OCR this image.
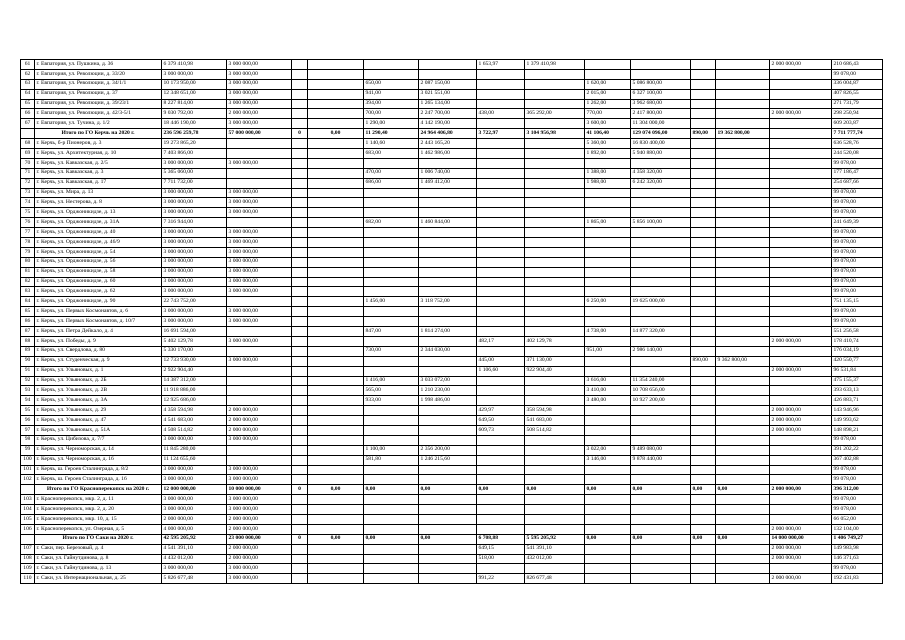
61	г. Евпатория, ул. Пушкина, д. 36	6 379 410,98	3 000 000,00					1 653,97	1 379 410,98					2 000 000,00	210 686,43
62	г. Евпатория, ул. Революции, д. 33/20	3 000 000,00	3 000 000,00												99 078,00
63	г. Евпатория, ул. Революции, д. 34/1/1	10 173 950,00	3 000 000,00			650,00	2 087 150,00			1 620,00	5 086 800,00				336 004,87
64	г. Евпатория, ул. Революции, д. 37	12 348 651,00	3 000 000,00			941,00	3 021 551,00			2 015,00	6 327 100,00				407 826,55
65	г. Евпатория, ул. Революции, д. 39/23/1	8 227 814,00	3 000 000,00			394,00	1 265 134,00			1 262,00	3 962 680,00				271 731,79
66	г. Евпатория, ул. Революции, д. 42/3-5/1	9 030 792,00	2 000 000,00			700,00	2 247 700,00	438,00	365 292,00	770,00	2 417 800,00			2 000 000,00	298 250,94
67	г. Евпатория, ул. Тучина, д. 1/2	18 446 190,00	3 000 000,00			1 290,00	4 142 190,00			3 600,00	11 304 000,00				609 203,87
	Итого по ГО Керчь на 2020 г.	236 596 259,78	57 000 000,00	0	0,00	11 290,40	24 964 406,80	3 722,97	3 104 956,98	41 106,40	129 074 096,00	890,00	19 362 800,00		7 711 777,74
68	г. Керчь, б-р Пионеров, д. 3	19 273 865,20				1 140,60	2 443 165,20			5 360,00	16 830 400,00				636 528,76
69	г. Керчь, ул. Архитектурная, д. 10	7 403 866,00				683,00	1 462 986,00			1 892,00	5 940 880,00				244 520,08
70	г. Керчь, ул. Кавказская, д. 2/5	3 000 000,00	3 000 000,00												99 078,00
71	г. Керчь, ул. Кавказская, д. 3	5 365 060,00				470,00	1 006 740,00			1 388,00	4 358 320,00				177 186,47
72	г. Керчь, ул. Кавказская, д. 17	7 711 732,00				686,00	1 469 412,00			1 988,00	6 242 320,00				254 687,66
73	г. Керчь, ул. Мира, д. 13	3 000 000,00	3 000 000,00												99 078,00
74	г. Керчь, ул. Нестерова, д. 8	3 000 000,00	3 000 000,00												99 078,00
75	г. Керчь, ул. Орджоникидзе, д. 13	3 000 000,00	3 000 000,00												99 078,00
76	г. Керчь, ул. Орджоникидзе, д. 31А	7 316 944,00				682,00	1 460 844,00			1 865,00	5 856 100,00				241 649,39
77	г. Керчь, ул. Орджоникидзе, д. 40	3 000 000,00	3 000 000,00												99 078,00
78	г. Керчь, ул. Орджоникидзе, д. 46/9	3 000 000,00	3 000 000,00												99 078,00
79	г. Керчь, ул. Орджоникидзе, д. 54	3 000 000,00	3 000 000,00												99 078,00
80	г. Керчь, ул. Орджоникидзе, д. 56	3 000 000,00	3 000 000,00												99 078,00
81	г. Керчь, ул. Орджоникидзе, д. 58	3 000 000,00	3 000 000,00												99 078,00
82	г. Керчь, ул. Орджоникидзе, д. 60	3 000 000,00	3 000 000,00												99 078,00
83	г. Керчь, ул. Орджоникидзе, д. 62	3 000 000,00	3 000 000,00												99 078,00
84	г. Керчь, ул. Орджоникидзе, д. 90	22 743 752,00				1 456,00	3 118 752,00			6 250,00	19 625 000,00				751 135,15
85	г. Керчь, ул. Первых Космонавтов, д. 6	3 000 000,00	3 000 000,00												99 078,00
86	г. Керчь, ул. Первых Космонавтов, д. 10/7	3 000 000,00	3 000 000,00												99 078,00
87	г. Керчь, ул. Петра Дейкало, д. 4	16 691 594,00				847,00	1 814 274,00			4 738,00	14 877 320,00				551 256,58
88	г. Керчь, ул. Победы, д. 9	5 402 129,78	3 000 000,00					482,17	402 129,78					2 000 000,00	178 410,74
89	г. Керчь, ул. Свердлова, д. 80	5 330 170,00				730,00	2 344 030,00			951,00	2 986 140,00				176 034,19
90	г. Керчь, ул. Студенческая, д. 9	12 733 930,00	3 000 000,00					445,00	371 130,00			890,00	9 362 800,00		420 550,77
91	г. Керчь, ул. Ульяновых, д. 1	2 922 904,40						1 106,60	922 904,40					2 000 000,00	96 531,84
92	г. Керчь, ул. Ульяновых, д. 2Б	14 387 312,00				1 416,00	3 033 072,00			3 616,00	11 354 240,00				475 155,37
93	г. Керчь, ул. Ульяновых, д. 2В	11 918 886,00				565,00	1 210 230,00			3 410,00	10 708 656,00				393 633,13
94	г. Керчь, ул. Ульяновых, д. 3А	12 925 686,00				933,00	1 998 486,00			3 480,00	10 927 200,00				426 883,71
95	г. Керчь, ул. Ульяновых, д. 29	4 358 594,98	2 000 000,00					429,97	358 594,98					2 000 000,00	143 946,96
96	г. Керчь, ул. Ульяновых, д. 47	4 541 683,00	2 000 000,00					649,50	541 683,00					2 000 000,00	149 993,62
97	г. Керчь, ул. Ульяновых, д. 51А	4 508 514,82	2 000 000,00					609,73	508 514,82					2 000 000,00	148 898,21
98	г. Керчь, ул. Цибизова, д. 7/7	3 000 000,00	3 000 000,00												99 078,00
99	г. Керчь, ул. Черноморская, д. 14	11 845 280,00				1 100,00	2 356 200,00			3 022,00	9 489 080,00				391 202,22
100	г. Керчь, ул. Черноморская, д. 16	11 124 655,60				581,80	1 246 215,60			3 146,00	9 878 440,00				367 402,88
101	г. Керчь, ш. Героев Сталинграда, д. 8/2	3 000 000,00	3 000 000,00												99 078,00
102	г. Керчь, ш. Героев Сталинграда, д. 16	3 000 000,00	3 000 000,00												99 078,00
	Итого по ГО Красноперекопск на 2020 г.	12 000 000,00	10 000 000,00	0	0,00	0,00	0,00	0,00	0,00	0,00	0,00	0,00	0,00	2 000 000,00	396 312,00
103	г. Красноперекопск, мкр. 2, д. 11	3 000 000,00	3 000 000,00												99 078,00
104	г. Красноперекопск, мкр. 2, д. 20	3 000 000,00	3 000 000,00												99 078,00
105	г. Красноперекопск, мкр. 10, д. 15	2 000 000,00	2 000 000,00												66 052,00
106	г. Красноперекопск, ул. Озерная, д. 5	4 000 000,00	2 000 000,00											2 000 000,00	132 104,00
	Итого по ГО Саки на 2020 г.	42 595 205,92	23 000 000,00	0	0,00	0,00	0,00	6 708,88	5 595 205,92	0,00	0,00	0,00	0,00	14 000 000,00	1 406 749,27
107	г. Саки, пер. Березовый, д. 4	4 541 391,10	2 000 000,00					649,15	541 391,10					2 000 000,00	149 983,98
108	г. Саки, ул. Гайнутдинова, д. 8	4 432 012,00	2 000 000,00					518,00	432 012,00					2 000 000,00	146 371,63
109	г. Саки, ул. Гайнутдинова, д. 13	3 000 000,00	3 000 000,00												99 078,00
110	г. Саки, ул. Интернациональная, д. 25	5 826 677,48	3 000 000,00					991,22	826 677,48					2 000 000,00	192 431,83
